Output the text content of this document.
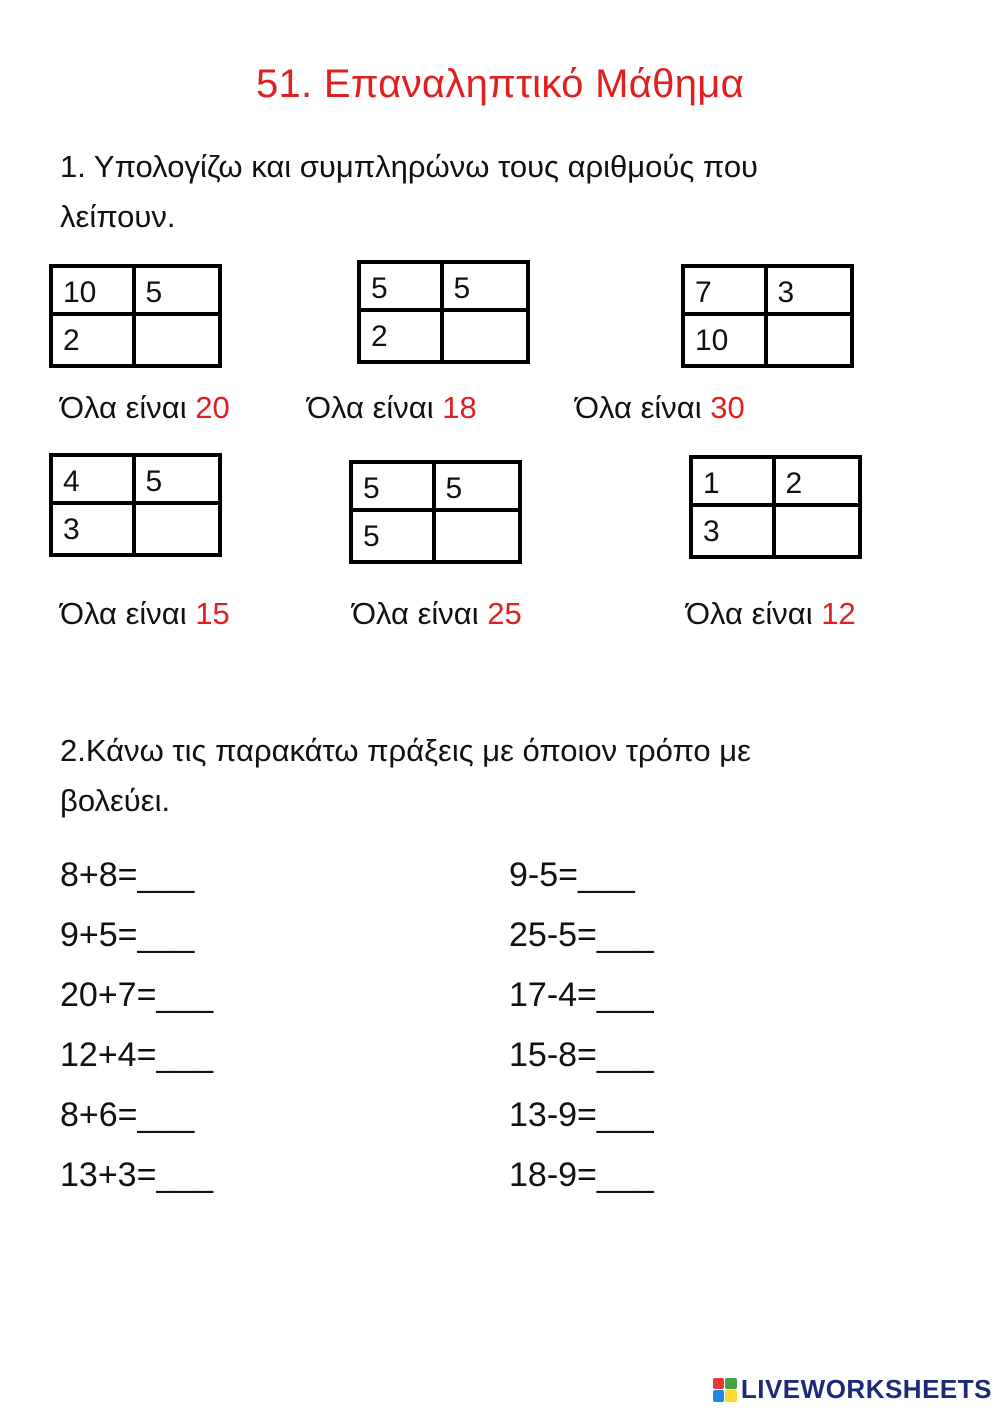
51. Επαναληπτικό Μάθημα
1. Υπολογίζω και συμπληρώνω τους αριθμούς που
λείπουν.
10	5
2
Όλα είναι 20
5	5
2
Όλα είναι 18
7	3
10
Όλα είναι 30
4	5
3
Όλα είναι 15
5	5
5
Όλα είναι 25
1	2
3
Όλα είναι 12
2.Κάνω τις παρακάτω πράξεις με όποιον τρόπο με
βολεύει.
8+8=___
9+5=___
20+7=___
12+4=___
8+6=___
13+3=___
9-5=___
25-5=___
17-4=___
15-8=___
13-9=___
18-9=___
LIVEWORKSHEETS
